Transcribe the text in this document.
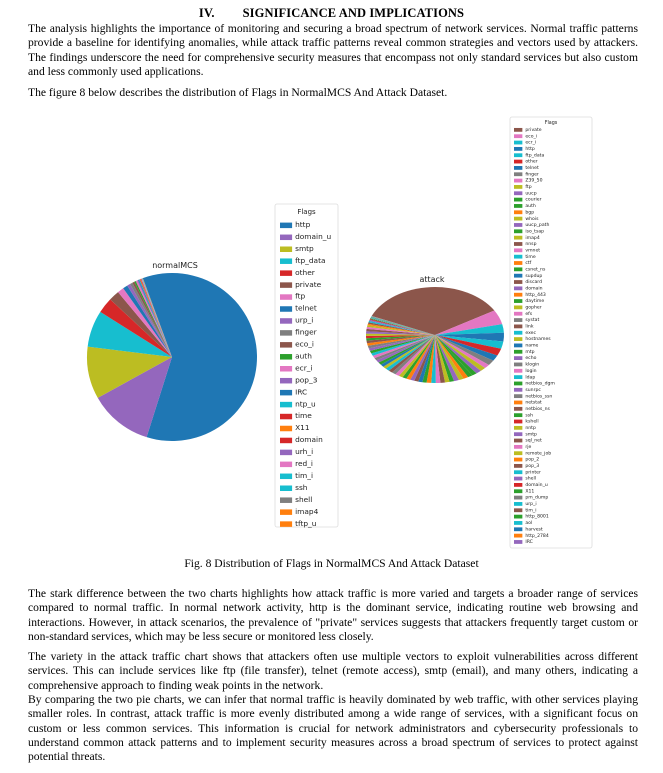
IV. SIGNIFICANCE AND IMPLICATIONS

The analysis highlights the importance of monitoring and securing a broad spectrum of network services. Normal traffic patterns provide a baseline for identifying anomalies, while attack traffic patterns reveal common strategies and vectors used by attackers. The findings underscore the need for comprehensive security measures that encompass not only standard services but also custom and less commonly used applications.

The figure 8 below describes the distribution of Flags in NormalMCS And Attack Dataset.

normalMCS
Flags
http
domain_u
smtp
ftp_data
other
private
ftp
telnet
urp_i
finger
eco_i
auth
ecr_i
pop_3
IRC
ntp_u
time
X11
domain
urh_i
red_i
tim_i
ssh
shell
imap4
tftp_u
attack
Flags
private
eco_i
ecr_i
http
ftp_data
other
telnet
finger
Z39_50
ftp
uucp
courier
auth
bgp
whois
uucp_path
iso_tsap
imap4
nnsp
vmnet
time
ctf
csnet_ns
supdup
discard
domain
http_443
daytime
gopher
efs
systat
link
exec
hostnames
name
mtp
echo
klogin
login
ldap
netbios_dgm
sunrpc
netbios_ssn
netstat
netbios_ns
ssh
kshell
nntp
smtp
sql_net
rje
remote_job
pop_2
pop_3
printer
shell
domain_u
X11
pm_dump
urp_i
tim_i
http_8001
aol
harvest
http_2784
IRC
Fig. 8 Distribution of Flags in NormalMCS And Attack Dataset

The stark difference between the two charts highlights how attack traffic is more varied and targets a broader range of services compared to normal traffic. In normal network activity, http is the dominant service, indicating routine web browsing and interactions. However, in attack scenarios, the prevalence of "private" services suggests that attackers frequently target custom or non-standard services, which may be less secure or monitored less closely.

The variety in the attack traffic chart shows that attackers often use multiple vectors to exploit vulnerabilities across different services. This can include services like ftp (file transfer), telnet (remote access), smtp (email), and many others, indicating a comprehensive approach to finding weak points in the network.

By comparing the two pie charts, we can infer that normal traffic is heavily dominated by web traffic, with other services playing smaller roles. In contrast, attack traffic is more evenly distributed among a wide range of services, with a significant focus on custom or less common services. This information is crucial for network administrators and cybersecurity professionals to understand common attack patterns and to implement security measures across a broad spectrum of services to protect against potential threats.
